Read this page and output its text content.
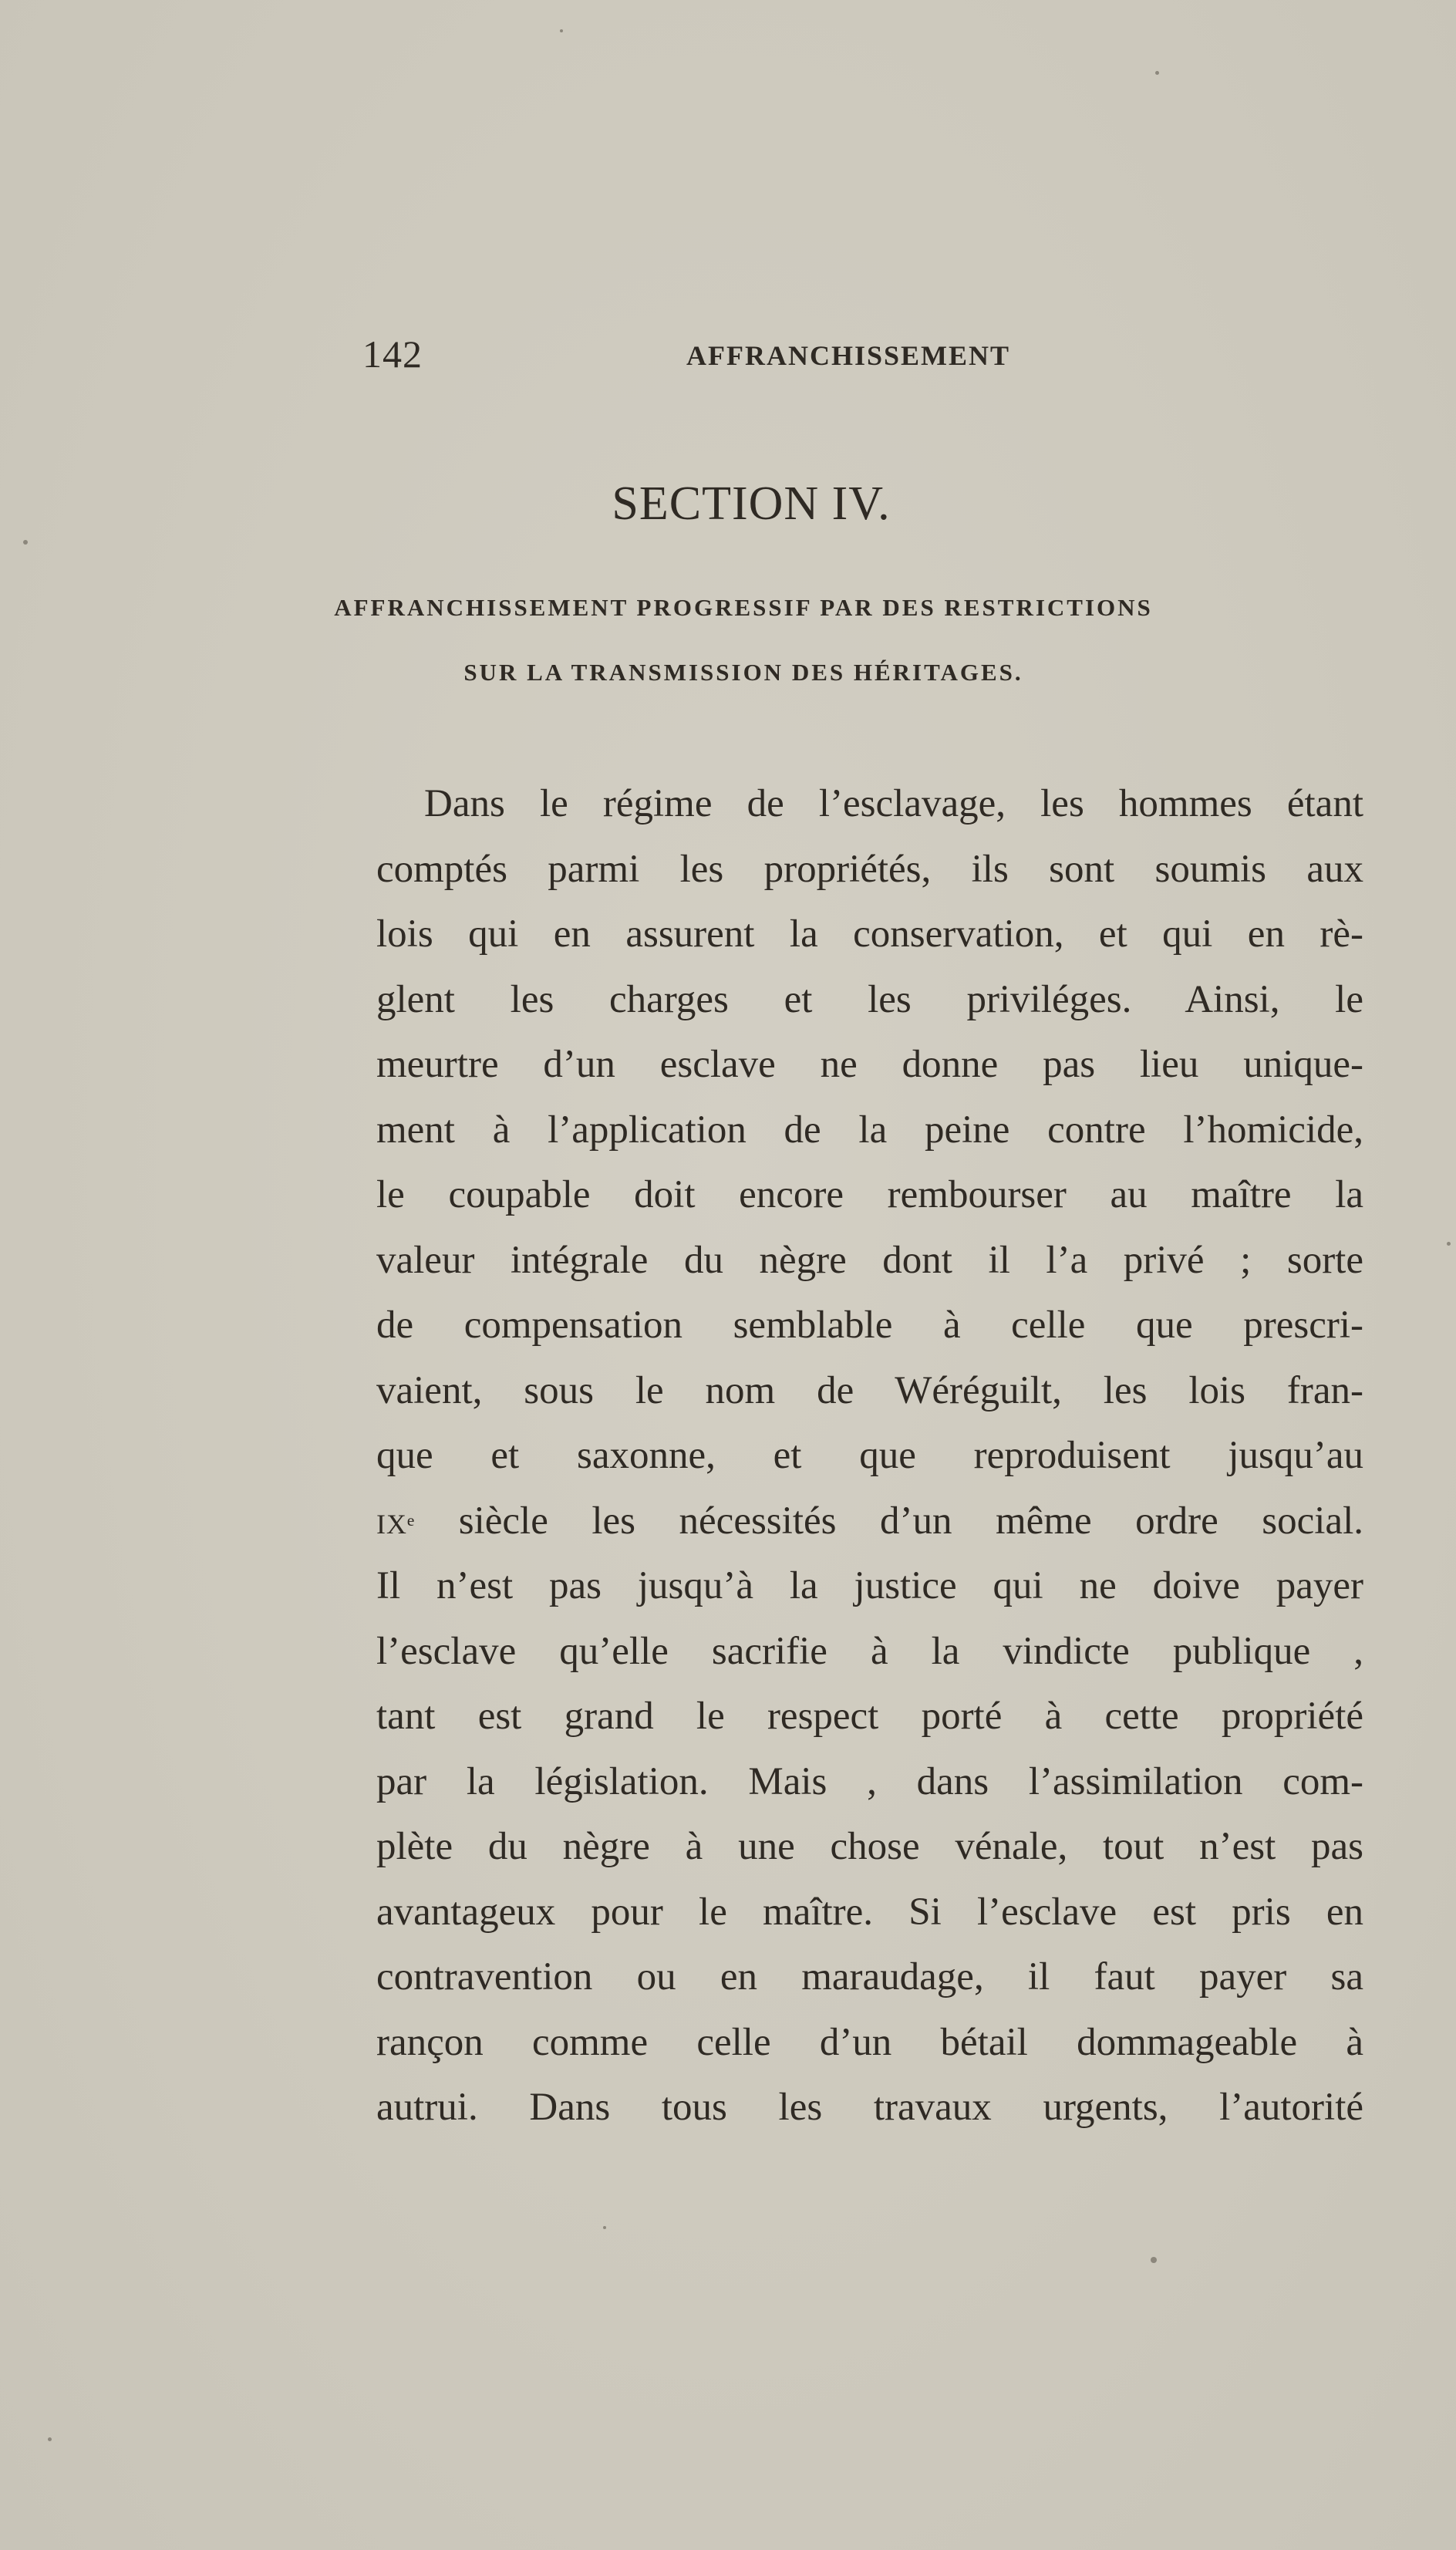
142	AFFRANCHISSEMENT
SECTION IV.
AFFRANCHISSEMENT PROGRESSIF PAR DES RESTRICTIONS
SUR LA TRANSMISSION DES HÉRITAGES.
Dans le régime de l’esclavage, les hommes étant
comptés parmi les propriétés, ils sont soumis aux
lois qui en assurent la conservation, et qui en rè-
glent les charges et les priviléges. Ainsi, le
meurtre d’un esclave ne donne pas lieu unique-
ment à l’application de la peine contre l’homicide,
le coupable doit encore rembourser au maître la
valeur intégrale du nègre dont il l’a privé ; sorte
de compensation semblable à celle que prescri-
vaient, sous le nom de Wéréguilt, les lois fran-
que et saxonne, et que reproduisent jusqu’au
IXᵉ siècle les nécessités d’un même ordre social.
Il n’est pas jusqu’à la justice qui ne doive payer
l’esclave qu’elle sacrifie à la vindicte publique ,
tant est grand le respect porté à cette propriété
par la législation. Mais , dans l’assimilation com-
plète du nègre à une chose vénale, tout n’est pas
avantageux pour le maître. Si l’esclave est pris en
contravention ou en maraudage, il faut payer sa
rançon comme celle d’un bétail dommageable à
autrui. Dans tous les travaux urgents, l’autorité
